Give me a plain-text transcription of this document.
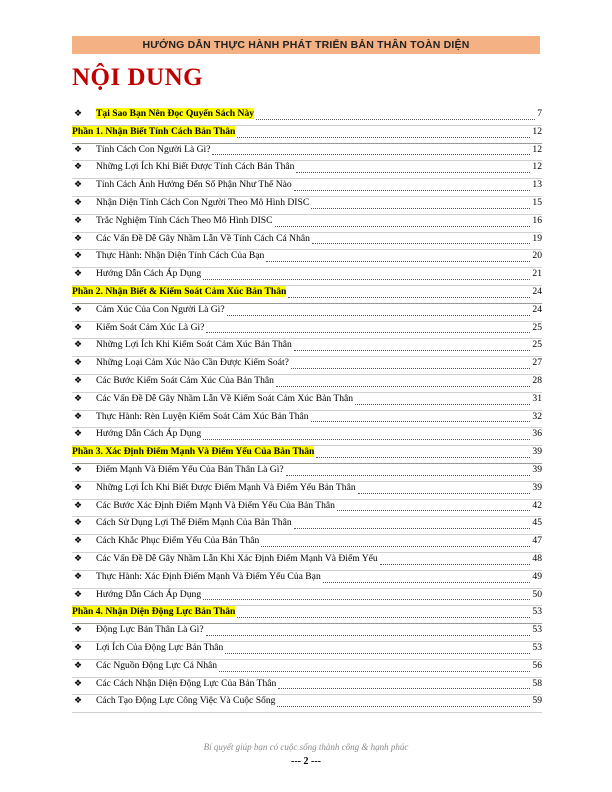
HƯỚNG DẪN THỰC HÀNH PHÁT TRIỂN BẢN THÂN TOÀN DIỆN
NỘI DUNG
❖	Tại Sao Bạn Nên Đọc Quyển Sách Này	7
Phần 1. Nhận Biết Tính Cách Bản Thân	12
❖	Tính Cách Con Người Là Gì?	12
❖	Những Lợi Ích Khi Biết Được Tính Cách Bản Thân	12
❖	Tính Cách Ảnh Hưởng Đến Số Phận Như Thế Nào	13
❖	Nhận Diện Tính Cách Con Người Theo Mô Hình DISC	15
❖	Trắc Nghiệm Tính Cách Theo Mô Hình DISC	16
❖	Các Vấn Đề Dễ Gây Nhầm Lẫn Về Tính Cách Cá Nhân	19
❖	Thực Hành: Nhận Diện Tính Cách Của Bạn	20
❖	Hướng Dẫn Cách Áp Dụng	21
Phần 2. Nhận Biết & Kiểm Soát Cảm Xúc Bản Thân	24
❖	Cảm Xúc Của Con Người Là Gì?	24
❖	Kiểm Soát Cảm Xúc Là Gì?	25
❖	Những Lợi Ích Khi Kiểm Soát Cảm Xúc Bản Thân	25
❖	Những Loại Cảm Xúc Nào Cần Được Kiểm Soát?	27
❖	Các Bước Kiểm Soát Cảm Xúc Của Bản Thân	28
❖	Các Vấn Đề Dễ Gây Nhầm Lẫn Về Kiểm Soát Cảm Xúc Bản Thân	31
❖	Thực Hành: Rèn Luyện Kiểm Soát Cảm Xúc Bản Thân	32
❖	Hướng Dẫn Cách Áp Dụng	36
Phần 3. Xác Định Điểm Mạnh Và Điểm Yếu Của Bản Thân	39
❖	Điểm Mạnh Và Điểm Yếu Của Bản Thân Là Gì?	39
❖	Những Lợi Ích Khi Biết Được Điểm Mạnh Và Điểm Yếu Bản Thân	39
❖	Các Bước Xác Định Điểm Mạnh Và Điểm Yếu Của Bản Thân	42
❖	Cách Sử Dụng Lợi Thế Điểm Mạnh Của Bản Thân	45
❖	Cách Khắc Phục Điểm Yếu Của Bản Thân	47
❖	Các Vấn Đề Dễ Gây Nhầm Lẫn Khi Xác Định Điểm Mạnh Và Điểm Yếu	48
❖	Thực Hành: Xác Định Điểm Mạnh Và Điểm Yếu Của Bạn	49
❖	Hướng Dẫn Cách Áp Dụng	50
Phần 4. Nhận Diện Động Lực Bản Thân	53
❖	Động Lực Bản Thân Là Gì?	53
❖	Lợi Ích Của Động Lực Bản Thân	53
❖	Các Nguồn Động Lực Cá Nhân	56
❖	Các Cách Nhận Diện Động Lực Của Bản Thân	58
❖	Cách Tạo Động Lực Công Việc Và Cuộc Sống	59
Bí quyết giúp bạn có cuộc sống thành công & hạnh phúc
--- 2 ---
